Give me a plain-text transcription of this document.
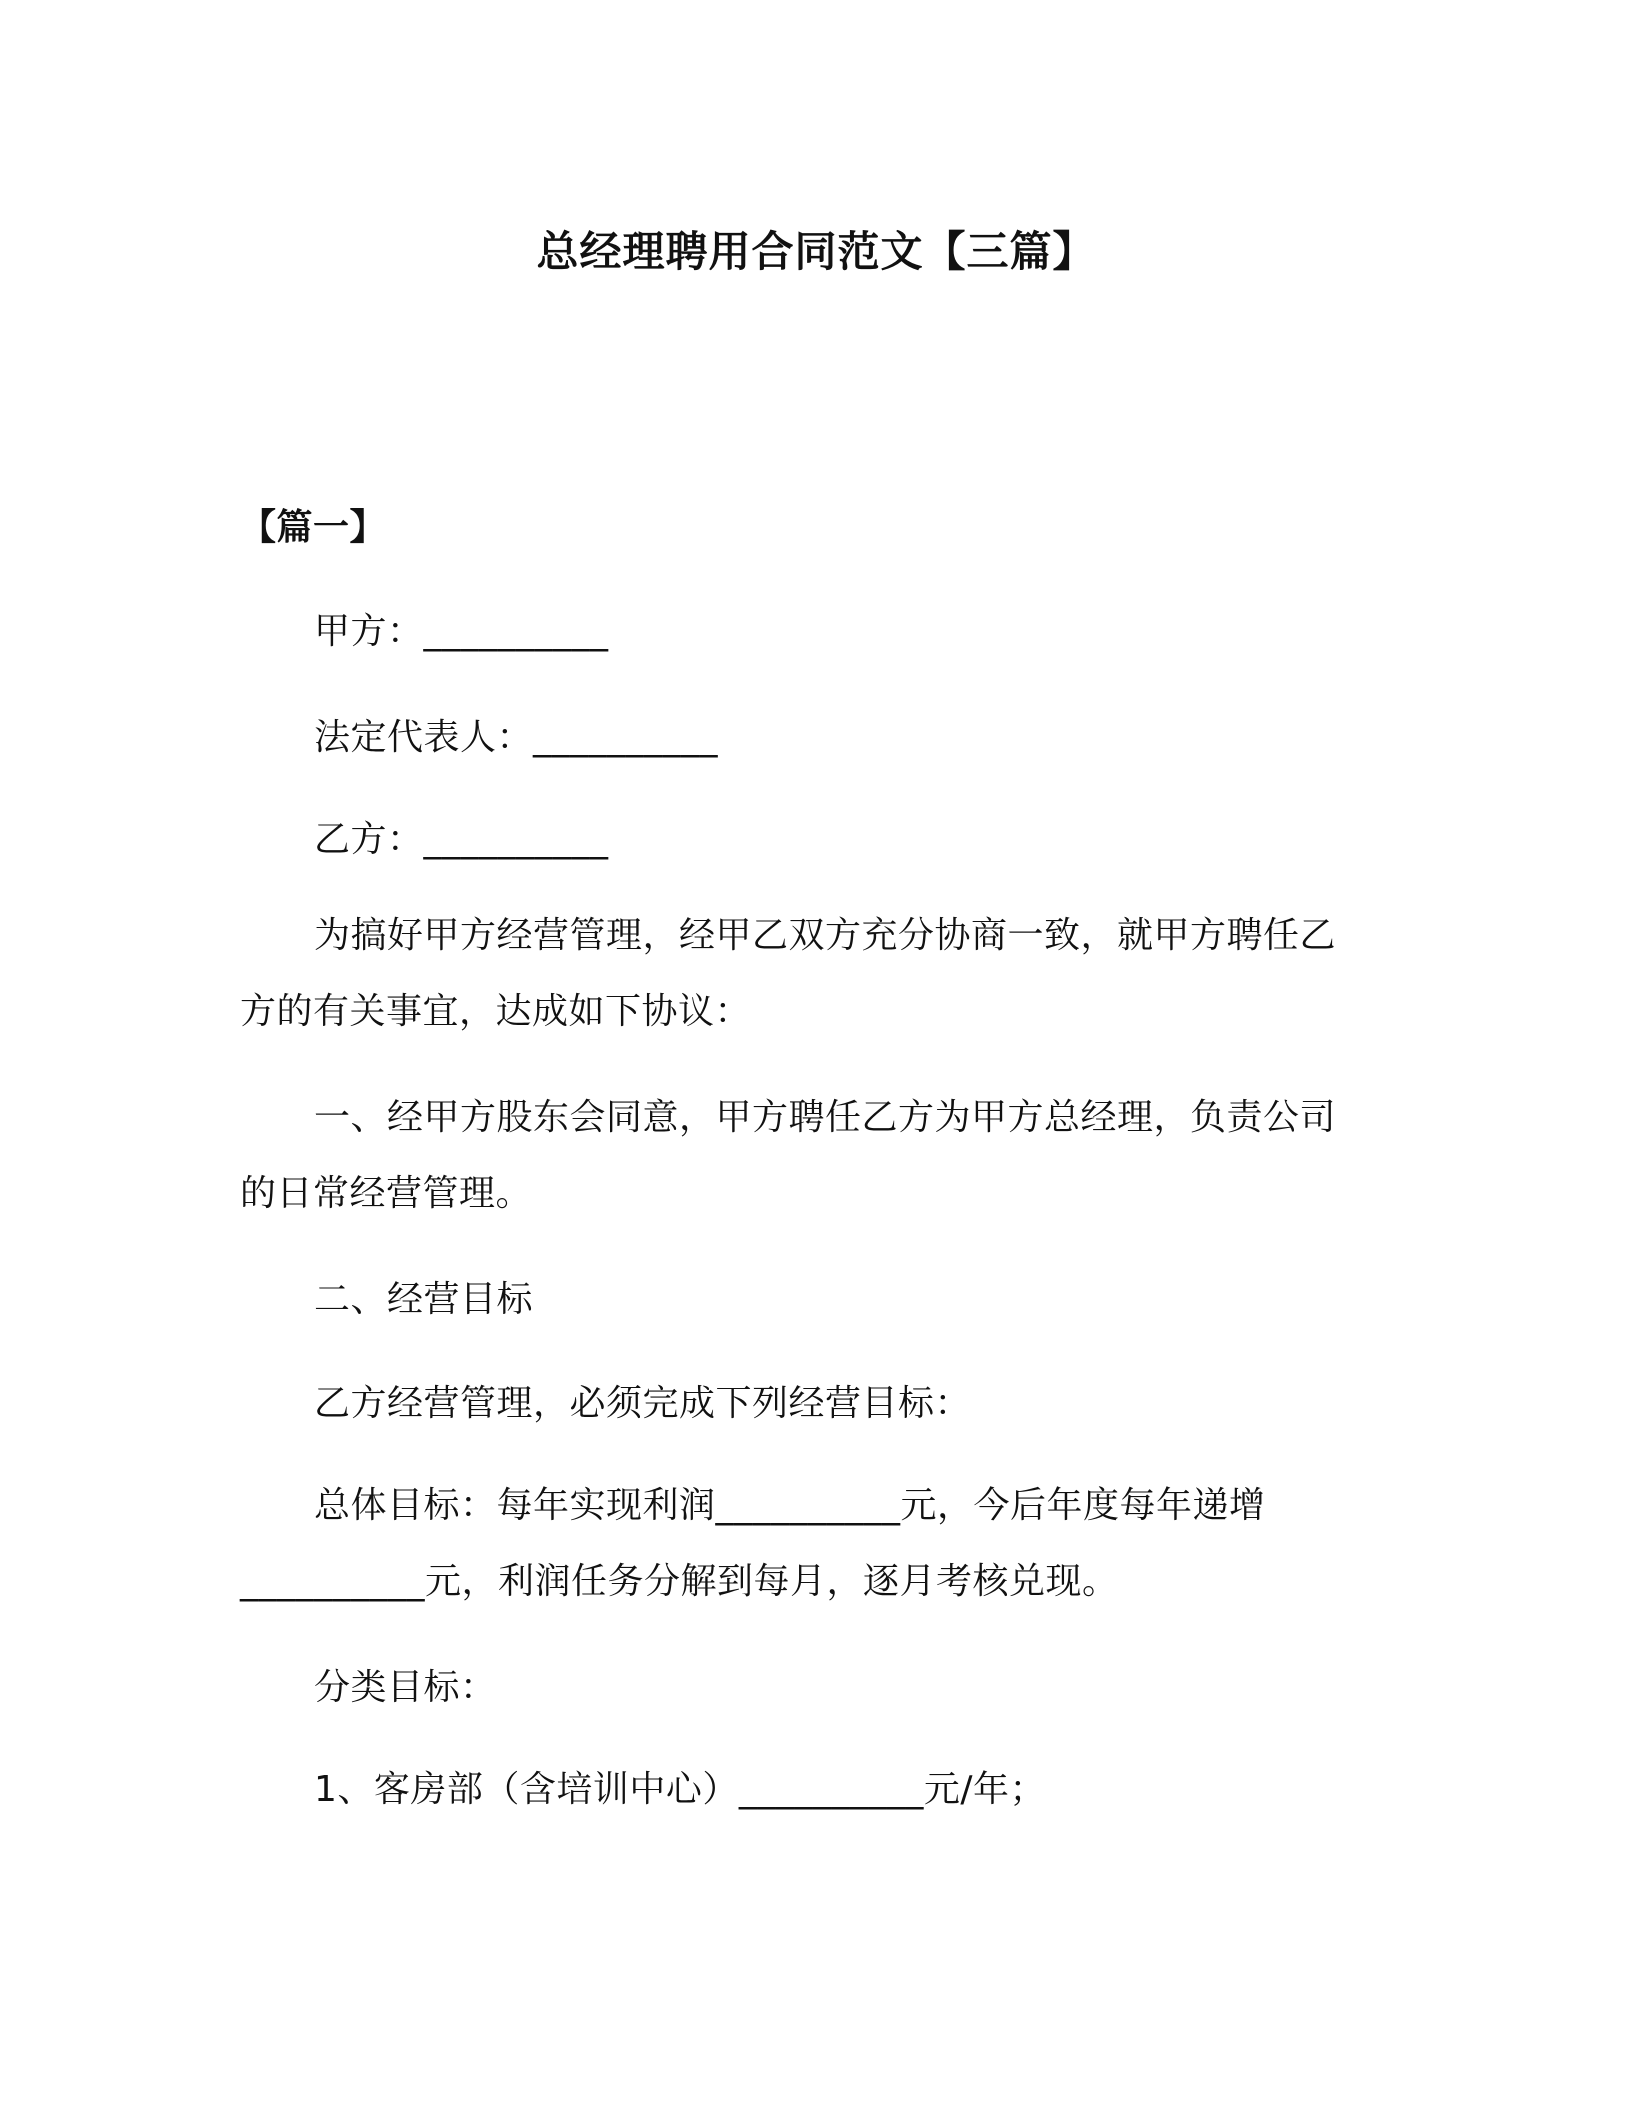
总经理聘用合同范文【三篇】
【篇一】
甲方：__________
法定代表人：__________
乙方：__________
为搞好甲方经营管理，经甲乙双方充分协商一致，就甲方聘任乙方的有关事宜，达成如下协议：
一、经甲方股东会同意，甲方聘任乙方为甲方总经理，负责公司的日常经营管理。
二、经营目标
乙方经营管理，必须完成下列经营目标：
总体目标：每年实现利润__________元，今后年度每年递增__________元，利润任务分解到每月，逐月考核兑现。
分类目标：
1、客房部（含培训中心）__________元/年；
